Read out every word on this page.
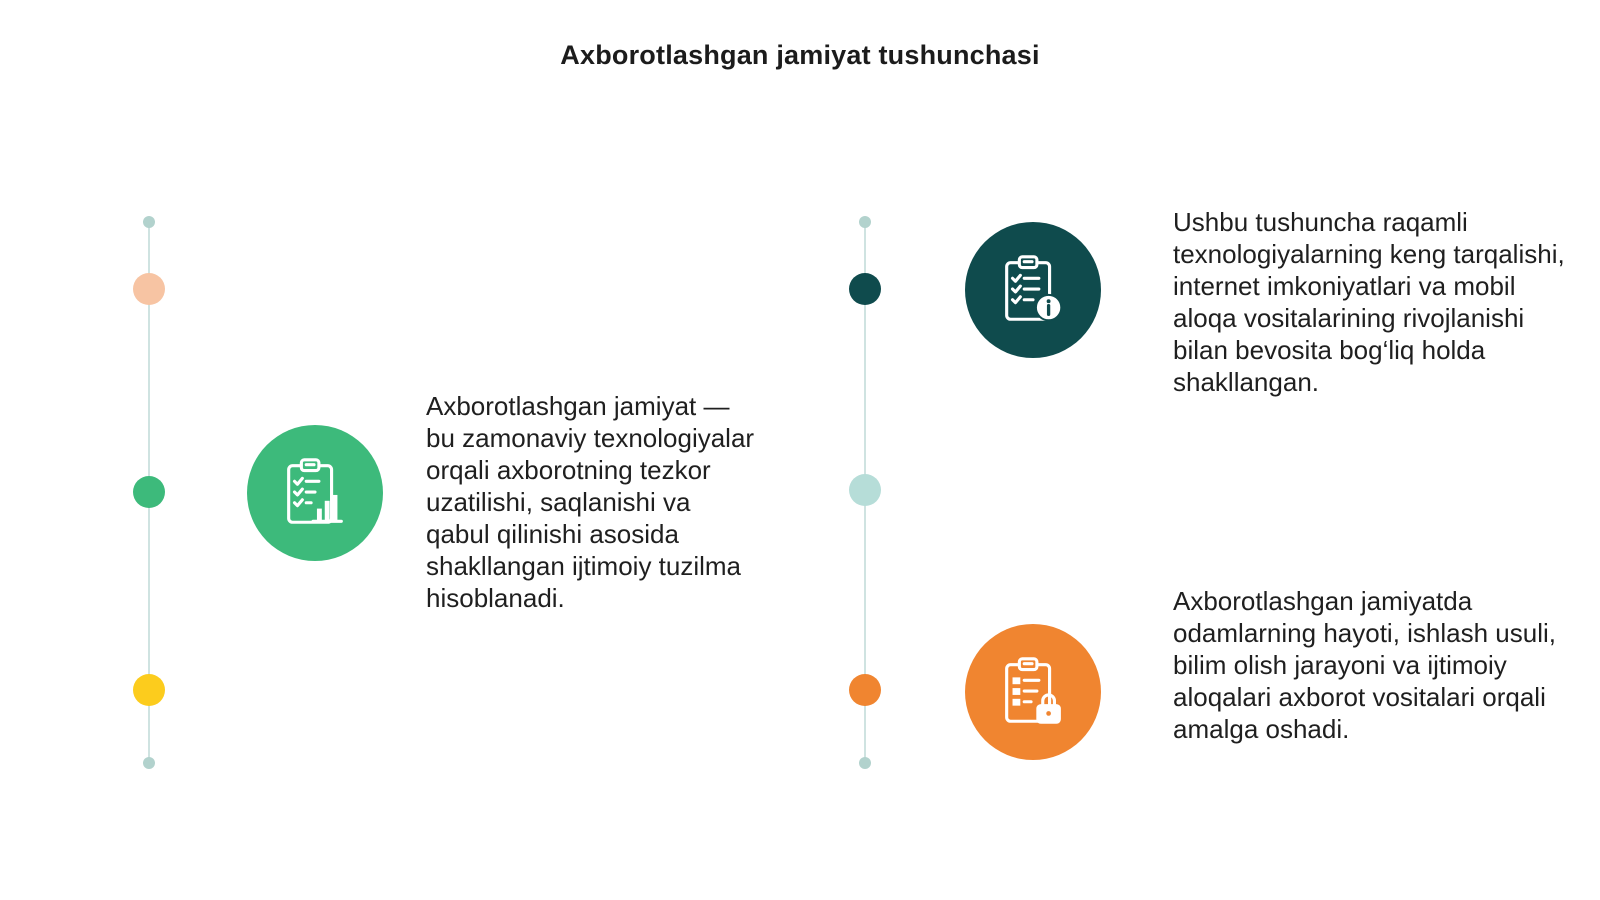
Axborotlashgan jamiyat tushunchasi
Axborotlashgan jamiyat — bu zamonaviy texnologiyalar orqali axborotning tezkor uzatilishi, saqlanishi va qabul qilinishi asosida shakllangan ijtimoiy tuzilma hisoblanadi.
Ushbu tushuncha raqamli texnologiyalarning keng tarqalishi, internet imkoniyatlari va mobil aloqa vositalarining rivojlanishi bilan bevosita bog‘liq holda shakllangan.
Axborotlashgan jamiyatda odamlarning hayoti, ishlash usuli, bilim olish jarayoni va ijtimoiy aloqalari axborot vositalari orqali amalga oshadi.
